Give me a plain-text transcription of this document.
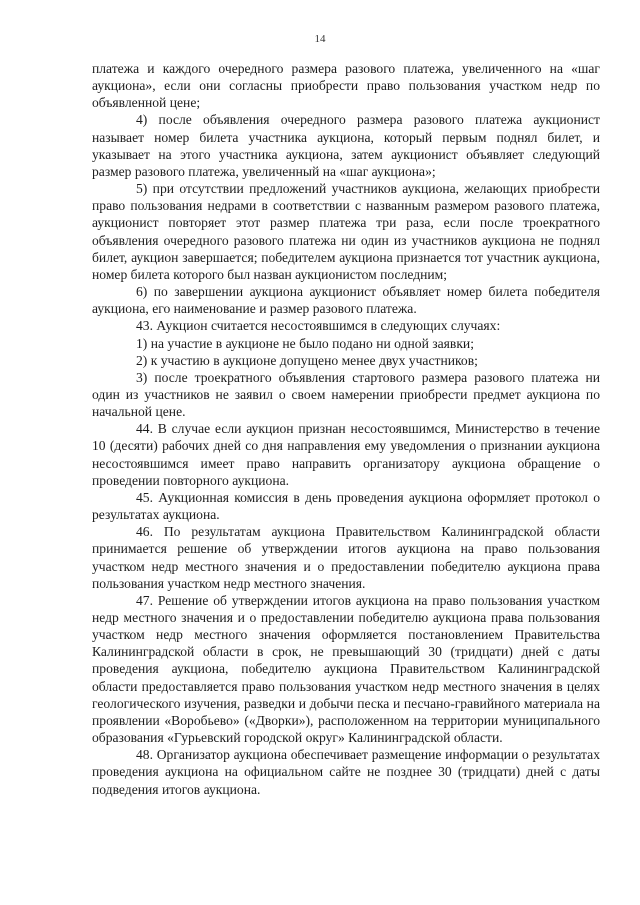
14

платежа и каждого очередного размера разового платежа, увеличенного на «шаг аукциона», если они согласны приобрести право пользования участком недр по объявленной цене;

4) после объявления очередного размера разового платежа аукционист называет номер билета участника аукциона, который первым поднял билет, и указывает на этого участника аукциона, затем аукционист объявляет следующий размер разового платежа, увеличенный на «шаг аукциона»;

5) при отсутствии предложений участников аукциона, желающих приобрести право пользования недрами в соответствии с названным размером разового платежа, аукционист повторяет этот размер платежа три раза, если после троекратного объявления очередного разового платежа ни один из участников аукциона не поднял билет, аукцион завершается; победителем аукциона признается тот участник аукциона, номер билета которого был назван аукционистом последним;

6) по завершении аукциона аукционист объявляет номер билета победителя аукциона, его наименование и размер разового платежа.

43. Аукцион считается несостоявшимся в следующих случаях:

1) на участие в аукционе не было подано ни одной заявки;

2) к участию в аукционе допущено менее двух участников;

3) после троекратного объявления стартового размера разового платежа ни один из участников не заявил о своем намерении приобрести предмет аукциона по начальной цене.

44. В случае если аукцион признан несостоявшимся, Министерство в течение 10 (десяти) рабочих дней со дня направления ему уведомления о признании аукциона несостоявшимся имеет право направить организатору аукциона обращение о проведении повторного аукциона.

45. Аукционная комиссия в день проведения аукциона оформляет протокол о результатах аукциона.

46. По результатам аукциона Правительством Калининградской области принимается решение об утверждении итогов аукциона на право пользования участком недр местного значения и о предоставлении победителю аукциона права пользования участком недр местного значения.

47. Решение об утверждении итогов аукциона на право пользования участком недр местного значения и о предоставлении победителю аукциона права пользования участком недр местного значения оформляется постановлением Правительства Калининградской области в срок, не превышающий 30 (тридцати) дней с даты проведения аукциона, победителю аукциона Правительством Калининградской области предоставляется право пользования участком недр местного значения в целях геологического изучения, разведки и добычи песка и песчано-гравийного материала на проявлении «Воробьево» («Дворки»), расположенном на территории муниципального образования «Гурьевский городской округ» Калининградской области.

48. Организатор аукциона обеспечивает размещение информации о результатах проведения аукциона на официальном сайте не позднее 30 (тридцати) дней с даты подведения итогов аукциона.
